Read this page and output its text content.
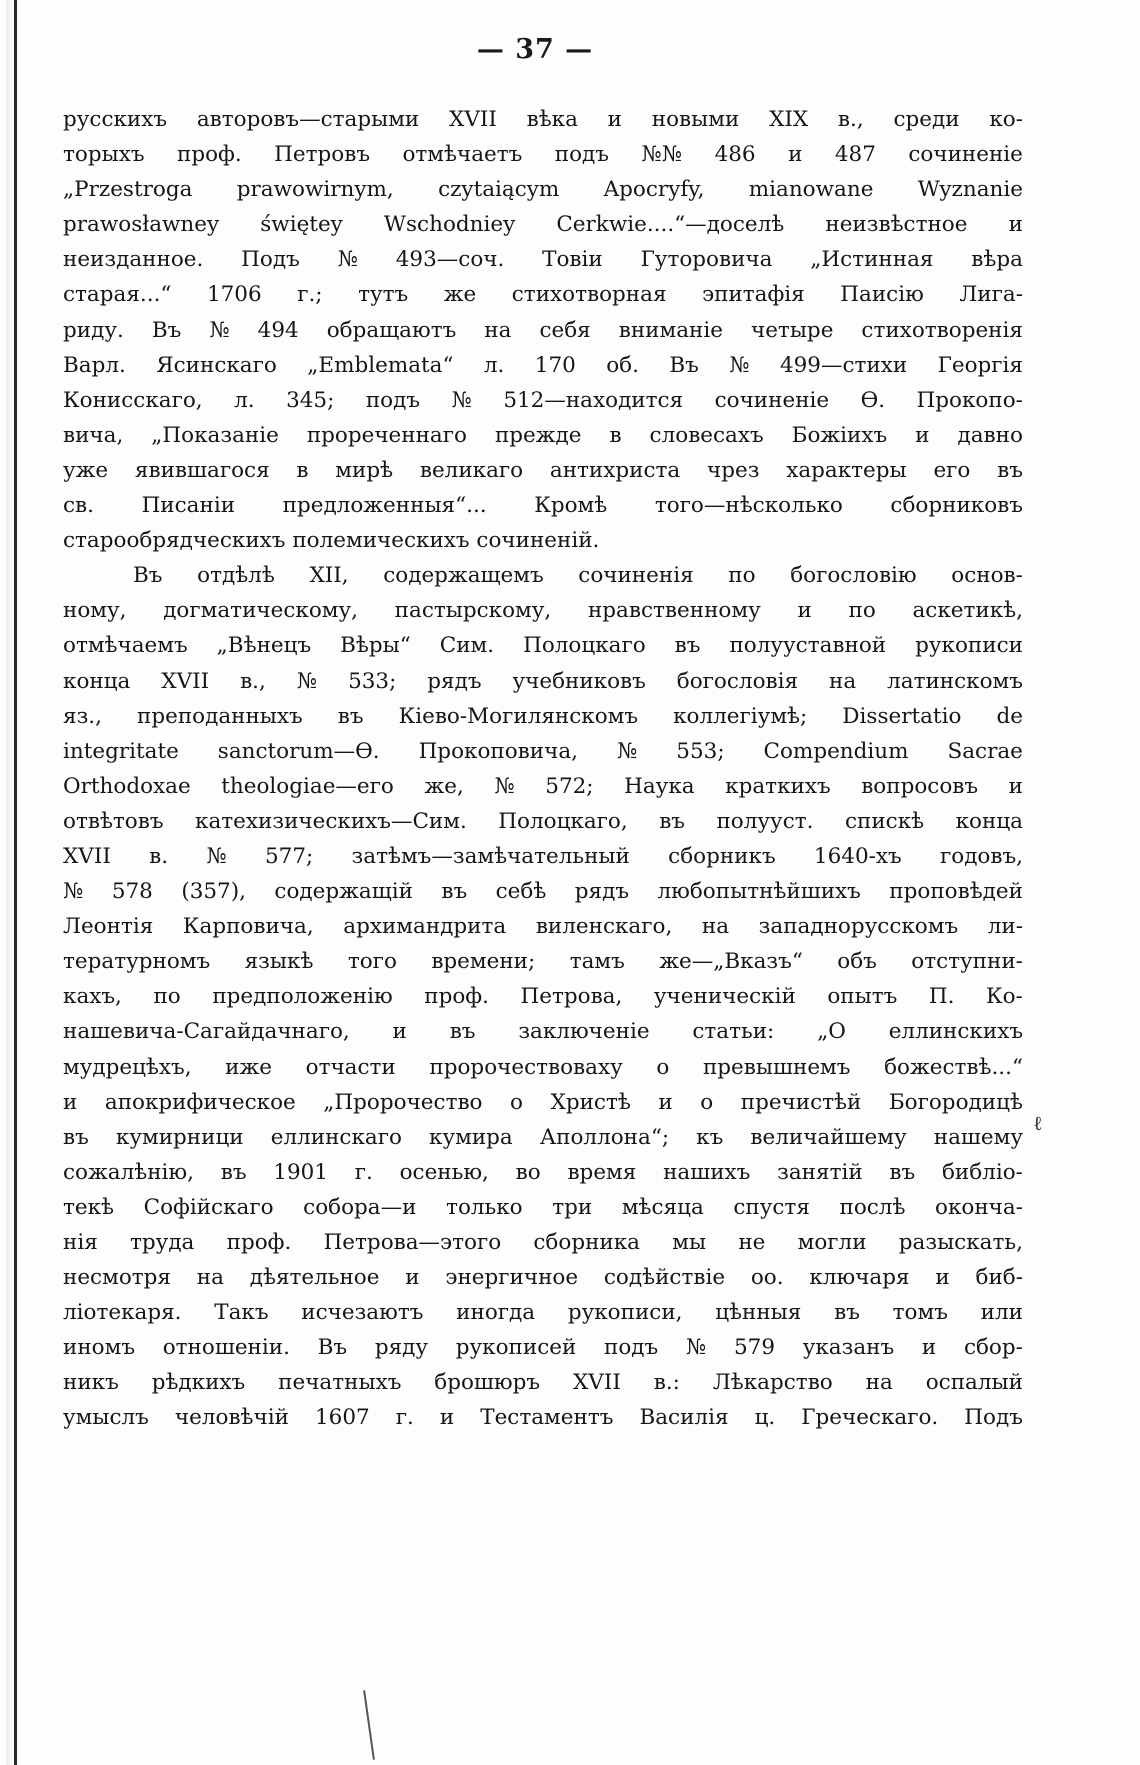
— 37 —
русскихъ авторовъ—старыми XVII вѣка и новыми XIX в., среди ко-
торыхъ проф. Петровъ отмѣчаетъ подъ №№ 486 и 487 сочиненіе
„Przestroga prawowirnym, czytaiącym Apocryfy, mianowane Wyznanie
prawosławney świętey Wschodniey Cerkwie....“—доселѣ неизвѣстное и
неизданное. Подъ № 493—соч. Товіи Гуторовича „Истинная вѣра
старая...“ 1706 г.; тутъ же стихотворная эпитафія Паисію Лига-
риду. Въ № 494 обращаютъ на себя вниманіе четыре стихотворенія
Варл. Ясинскаго „Emblemata“ л. 170 об. Въ № 499—стихи Георгія
Конисскаго, л. 345; подъ № 512—находится сочиненіе Ѳ. Прокопо-
вича, „Показаніе прореченнаго прежде в словесахъ Божіихъ и давно
уже явившагося в мирѣ великаго антихриста чрез характеры его въ
св. Писаніи предложенныя“... Кромѣ того—нѣсколько сборниковъ
старообрядческихъ
полемическихъ
сочиненій.
Въ отдѣлѣ XII, содержащемъ сочиненія по богословію основ-
ному, догматическому, пастырскому, нравственному и по аскетикѣ,
отмѣчаемъ „Вѣнецъ Вѣры“ Сим. Полоцкаго въ полууставной рукописи
конца XVII в., № 533; рядъ учебниковъ богословія на латинскомъ
яз., преподанныхъ въ Кіево-Могилянскомъ коллегіумѣ; Dissertatio de
integritate sanctorum—Ѳ. Прокоповича, № 553; Compendium Sacrae
Orthodoxae theologiae—его же, № 572; Наука краткихъ вопросовъ и
отвѣтовъ катехизическихъ—Сим. Полоцкаго, въ полууст. спискѣ конца
XVII в. № 577; затѣмъ—замѣчательный сборникъ 1640-хъ годовъ,
№ 578 (357), содержащій въ себѣ рядъ любопытнѣйшихъ проповѣдей
Леонтія Карповича, архимандрита виленскаго, на западнорусскомъ ли-
тературномъ языкѣ того времени; тамъ же—„Вказъ“ объ отступни-
кахъ, по предположенію проф. Петрова, ученическій опытъ П. Ко-
нашевича-Сагайдачнаго, и въ заключеніе статьи: „О еллинскихъ
мудрецѣхъ, иже отчасти пророчествоваху о превышнемъ божествѣ...“
и апокрифическое „Пророчество о Христѣ и о пречистѣй Богородицѣ
въ кумирници еллинскаго кумира Аполлона“; къ величайшему нашему
сожалѣнію, въ 1901 г. осенью, во время нашихъ занятій въ библіо-
текѣ Софійскаго собора—и только три мѣсяца спустя послѣ оконча-
нія труда проф. Петрова—этого сборника мы не могли разыскать,
несмотря на дѣятельное и энергичное содѣйствіе оо. ключаря и биб-
ліотекаря. Такъ исчезаютъ иногда рукописи, цѣнныя въ томъ или
иномъ отношеніи. Въ ряду рукописей подъ № 579 указанъ и сбор-
никъ рѣдкихъ печатныхъ брошюръ XVII в.: Лѣкарство на оспалый
умыслъ человѣчій 1607 г. и Тестаментъ Василія ц. Греческаго. Подъ
ℓ
